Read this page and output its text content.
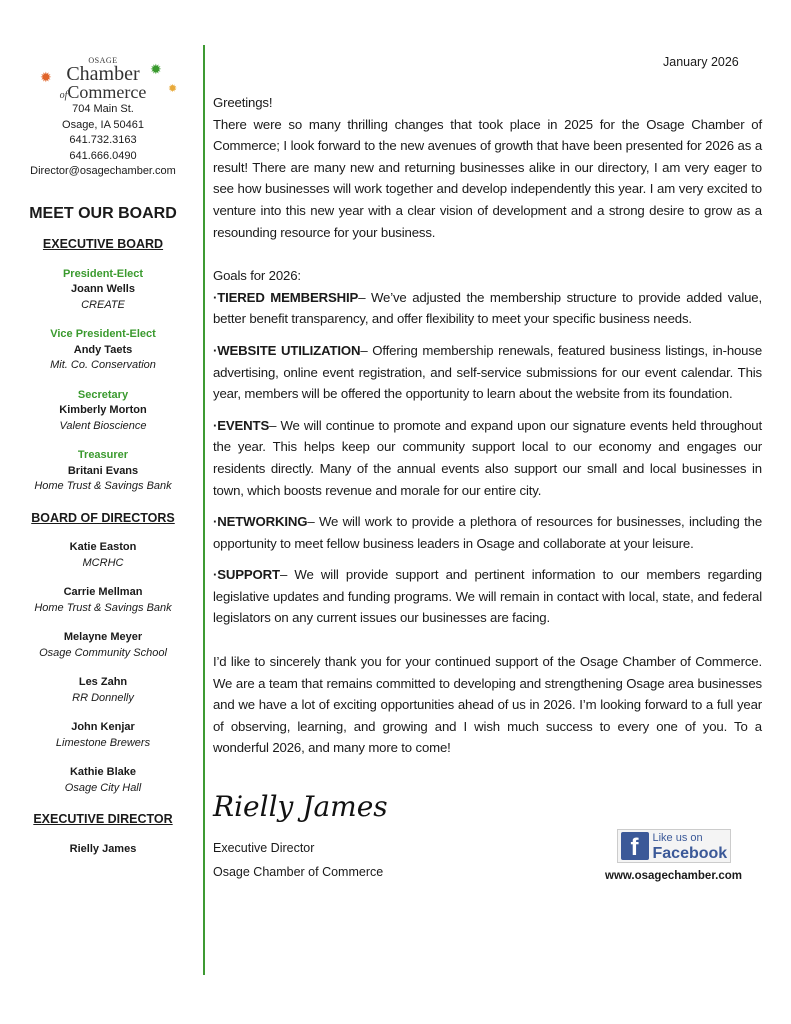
✹
✹
✹
OSAGE
Chamber
ofCommerce
704 Main St.
Osage, IA 50461
641.732.3163
641.666.0490
Director@osagechamber.com
MEET OUR BOARD
EXECUTIVE BOARD
President-Elect
Joann Wells
CREATE
Vice President-Elect
Andy Taets
Mit. Co. Conservation
Secretary
Kimberly Morton
Valent Bioscience
Treasurer
Britani Evans
Home Trust & Savings Bank
BOARD OF DIRECTORS
Katie Easton
MCRHC
Carrie Mellman
Home Trust & Savings Bank
Melayne Meyer
Osage Community School
Les Zahn
RR Donnelly
John Kenjar
Limestone Brewers
Kathie Blake
Osage City Hall
EXECUTIVE DIRECTOR
Rielly James
January 2026
Greetings!

There were so many thrilling changes that took place in 2025 for the Osage Chamber of Commerce; I look forward to the new avenues of growth that have been presented for 2026 as a result! There are many new and returning businesses alike in our directory, I am very eager to see how businesses will work together and develop independently this year. I am very excited to venture into this new year with a clear vision of development and a strong desire to grow as a resounding resource for your business.

Goals for 2026:

·TIERED MEMBERSHIP– We’ve adjusted the membership structure to provide added value, better benefit transparency, and offer flexibility to meet your specific business needs.

·WEBSITE UTILIZATION– Offering membership renewals, featured business listings, in-house advertising, online event registration, and self-service submissions for our event calendar. This year, members will be offered the opportunity to learn about the website from its foundation.

·EVENTS– We will continue to promote and expand upon our signature events held throughout the year. This helps keep our community support local to our economy and engages our residents directly. Many of the annual events also support our small and local businesses in town, which boosts revenue and morale for our entire city.

·NETWORKING– We will work to provide a plethora of resources for businesses, including the opportunity to meet fellow business leaders in Osage and collaborate at your leisure.

·SUPPORT– We will provide support and pertinent information to our members regarding legislative updates and funding programs. We will remain in contact with local, state, and federal legislators on any current issues our businesses are facing.

I’d like to sincerely thank you for your continued support of the Osage Chamber of Commerce. We are a team that remains committed to developing and strengthening Osage area businesses and we have a lot of exciting opportunities ahead of us in 2026. I’m looking forward to a full year of observing, learning, and growing and I wish much success to every one of you. To a wonderful 2026, and many more to come!

Rielly James
Executive Director
Osage Chamber of Commerce
f	Like us on
Facebook
www.osagechamber.com
